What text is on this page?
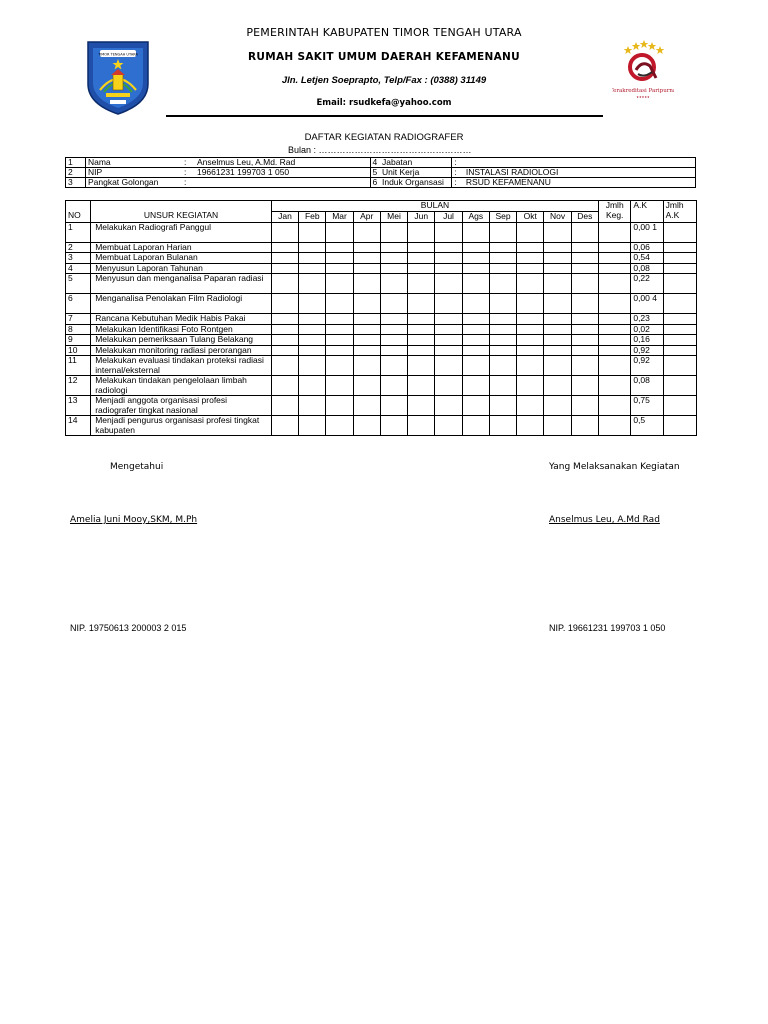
TIMOR TENGAH UTARA
Terakreditasi Paripurna
★★★★★
PEMERINTAH KABUPATEN TIMOR TENGAH UTARA
RUMAH SAKIT UMUM DAERAH KEFAMENANU
Jln. Letjen Soeprapto, Telp/Fax : (0388) 31149
Email: rsudkefa@yahoo.com
DAFTAR KEGIATAN RADIOGRAFER
Bulan : ……………………………………………
1	Nama : Anselmus Leu, A.Md. Rad	4 Jabatan	:	
2	NIP : 19661231 199703 1 050	5 Unit Kerja	:	INSTALASI RADIOLOGI
3	Pangkat Golongan :	6 Induk Organsasi	:	RSUD KEFAMENANU
NO	UNSUR KEGIATAN	BULAN												Jmlh Keg.	A.K	Jmlh A.K
		Jan	Feb	Mar	Apr	Mei	Jun	Jul	Ags	Sep	Okt	Nov	Des			
1	Melakukan Radiografi Panggul														0,00 1	
2	Membuat Laporan Harian														0,06	
3	Membuat Laporan Bulanan														0,54	
4	Menyusun Laporan Tahunan														0,08	
5	Menyusun dan menganalisa Paparan radiasi														0,22	
6	Menganalisa Penolakan Film Radiologi														0,00 4	
7	Rancana Kebutuhan Medik Habis Pakai														0,23	
8	Melakukan Identifikasi Foto Rontgen														0,02	
9	Melakukan pemeriksaan Tulang Belakang														0,16	
10	Melakukan monitoring radiasi perorangan														0,92	
11	Melakukan evaluasi tindakan proteksi radiasi internal/eksternal														0,92	
12	Melakukan tindakan pengelolaan limbah radiologi														0,08	
13	Menjadi anggota organisasi profesi radiografer tingkat nasional														0,75	
14	Menjadi pengurus organisasi profesi tingkat kabupaten														0,5	
Mengetahui	Yang Melaksanakan Kegiatan
Amelia Juni Mooy,SKM, M.Ph	Anselmus Leu, A.Md Rad
NIP. 19750613 200003 2 015	NIP. 19661231 199703 1 050
